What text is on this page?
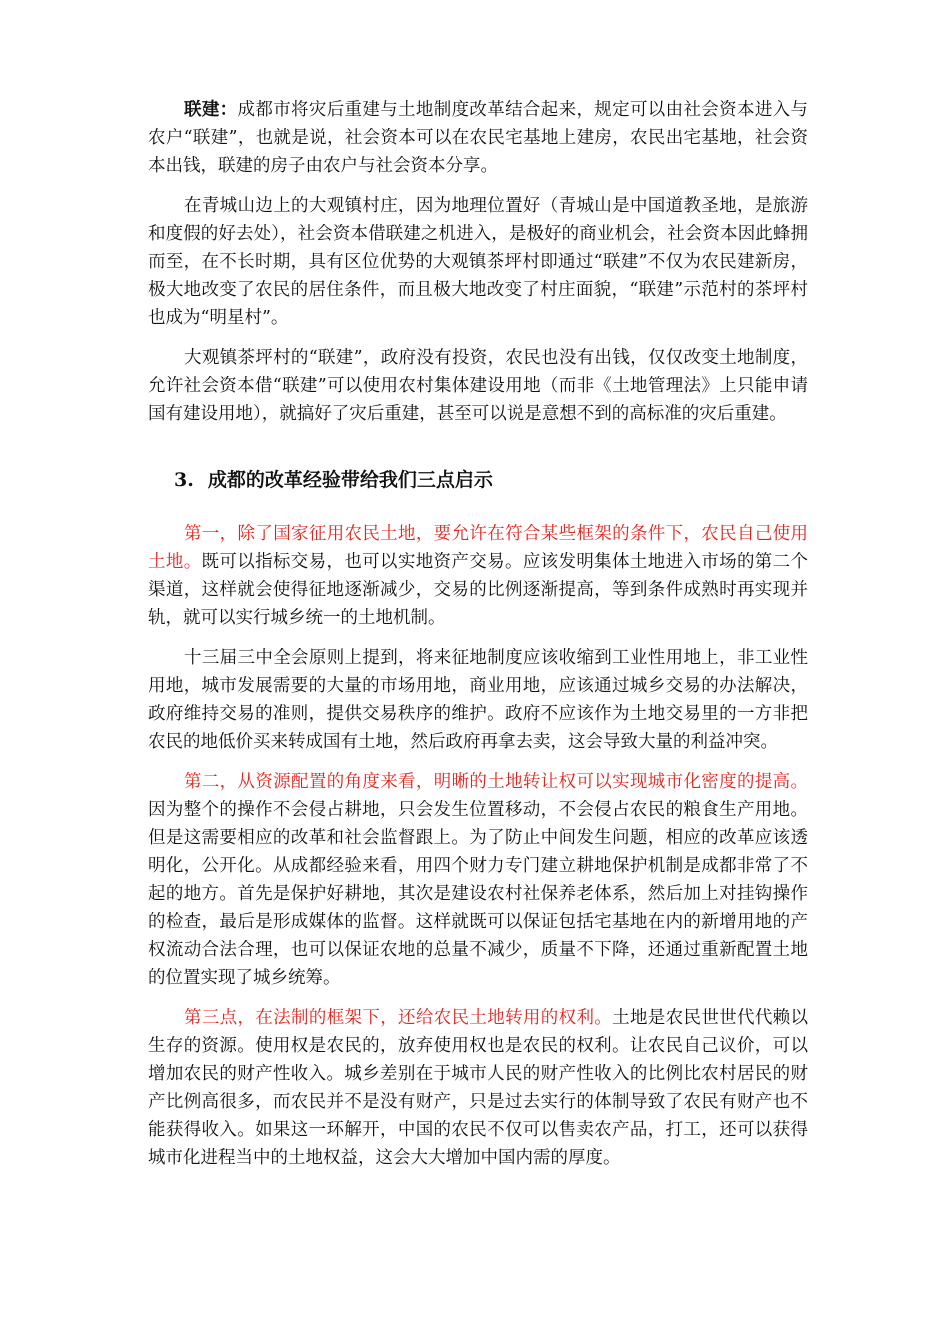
联建：成都市将灾后重建与土地制度改革结合起来，规定可以由社会资本进入与农户“联建”，也就是说，社会资本可以在农民宅基地上建房，农民出宅基地，社会资本出钱，联建的房子由农户与社会资本分享。

在青城山边上的大观镇村庄，因为地理位置好（青城山是中国道教圣地，是旅游和度假的好去处），社会资本借联建之机进入，是极好的商业机会，社会资本因此蜂拥而至，在不长时期，具有区位优势的大观镇茶坪村即通过“联建”不仅为农民建新房，极大地改变了农民的居住条件，而且极大地改变了村庄面貌，“联建”示范村的茶坪村也成为“明星村”。

大观镇茶坪村的“联建”，政府没有投资，农民也没有出钱，仅仅改变土地制度，允许社会资本借“联建”可以使用农村集体建设用地（而非《土地管理法》上只能申请国有建设用地），就搞好了灾后重建，甚至可以说是意想不到的高标准的灾后重建。

3. 成都的改革经验带给我们三点启示

第一，除了国家征用农民土地，要允许在符合某些框架的条件下，农民自己使用土地。既可以指标交易，也可以实地资产交易。应该发明集体土地进入市场的第二个渠道，这样就会使得征地逐渐减少，交易的比例逐渐提高，等到条件成熟时再实现并轨，就可以实行城乡统一的土地机制。

十三届三中全会原则上提到，将来征地制度应该收缩到工业性用地上，非工业性用地，城市发展需要的大量的市场用地，商业用地，应该通过城乡交易的办法解决，政府维持交易的准则，提供交易秩序的维护。政府不应该作为土地交易里的一方非把农民的地低价买来转成国有土地，然后政府再拿去卖，这会导致大量的利益冲突。

第二，从资源配置的角度来看，明晰的土地转让权可以实现城市化密度的提高。因为整个的操作不会侵占耕地，只会发生位置移动，不会侵占农民的粮食生产用地。但是这需要相应的改革和社会监督跟上。为了防止中间发生问题，相应的改革应该透明化，公开化。从成都经验来看，用四个财力专门建立耕地保护机制是成都非常了不起的地方。首先是保护好耕地，其次是建设农村社保养老体系，然后加上对挂钩操作的检查，最后是形成媒体的监督。这样就既可以保证包括宅基地在内的新增用地的产权流动合法合理，也可以保证农地的总量不减少，质量不下降，还通过重新配置土地的位置实现了城乡统筹。

第三点，在法制的框架下，还给农民土地转用的权利。土地是农民世世代代赖以生存的资源。使用权是农民的，放弃使用权也是农民的权利。让农民自己议价，可以增加农民的财产性收入。城乡差别在于城市人民的财产性收入的比例比农村居民的财产比例高很多，而农民并不是没有财产，只是过去实行的体制导致了农民有财产也不能获得收入。如果这一环解开，中国的农民不仅可以售卖农产品，打工，还可以获得城市化进程当中的土地权益，这会大大增加中国内需的厚度。
